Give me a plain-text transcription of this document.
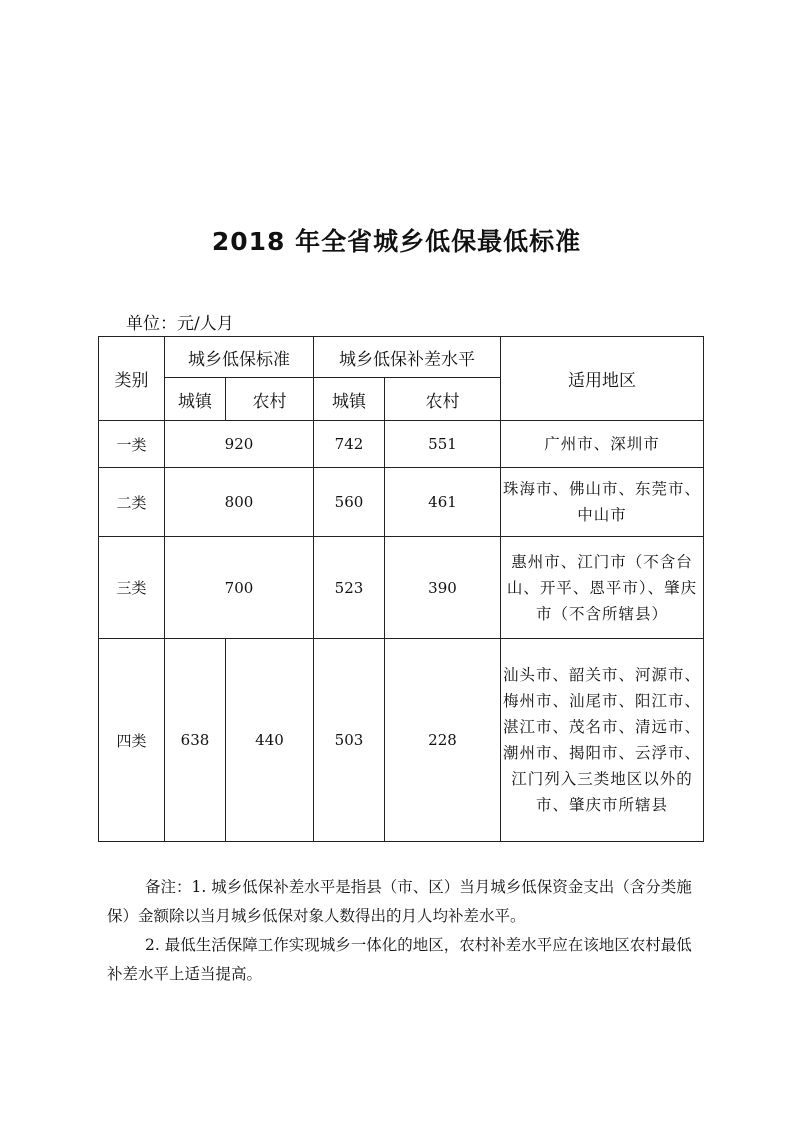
2018 年全省城乡低保最低标准
单位：元/人月
类别	城乡低保标准		城乡低保补差水平		适用地区
	城镇	农村	城镇	农村	
一类	920		742	551	广州市、深圳市
二类	800		560	461	珠海市、佛山市、东莞市、中山市
三类	700		523	390	惠州市、江门市（不含台山、开平、恩平市）、肇庆市（不含所辖县）
四类	638	440	503	228	汕头市、韶关市、河源市、梅州市、汕尾市、阳江市、湛江市、茂名市、清远市、潮州市、揭阳市、云浮市、江门列入三类地区以外的市、肇庆市所辖县

备注：1. 城乡低保补差水平是指县（市、区）当月城乡低保资金支出（含分类施保）金额除以当月城乡低保对象人数得出的月人均补差水平。

2. 最低生活保障工作实现城乡一体化的地区，农村补差水平应在该地区农村最低补差水平上适当提高。
